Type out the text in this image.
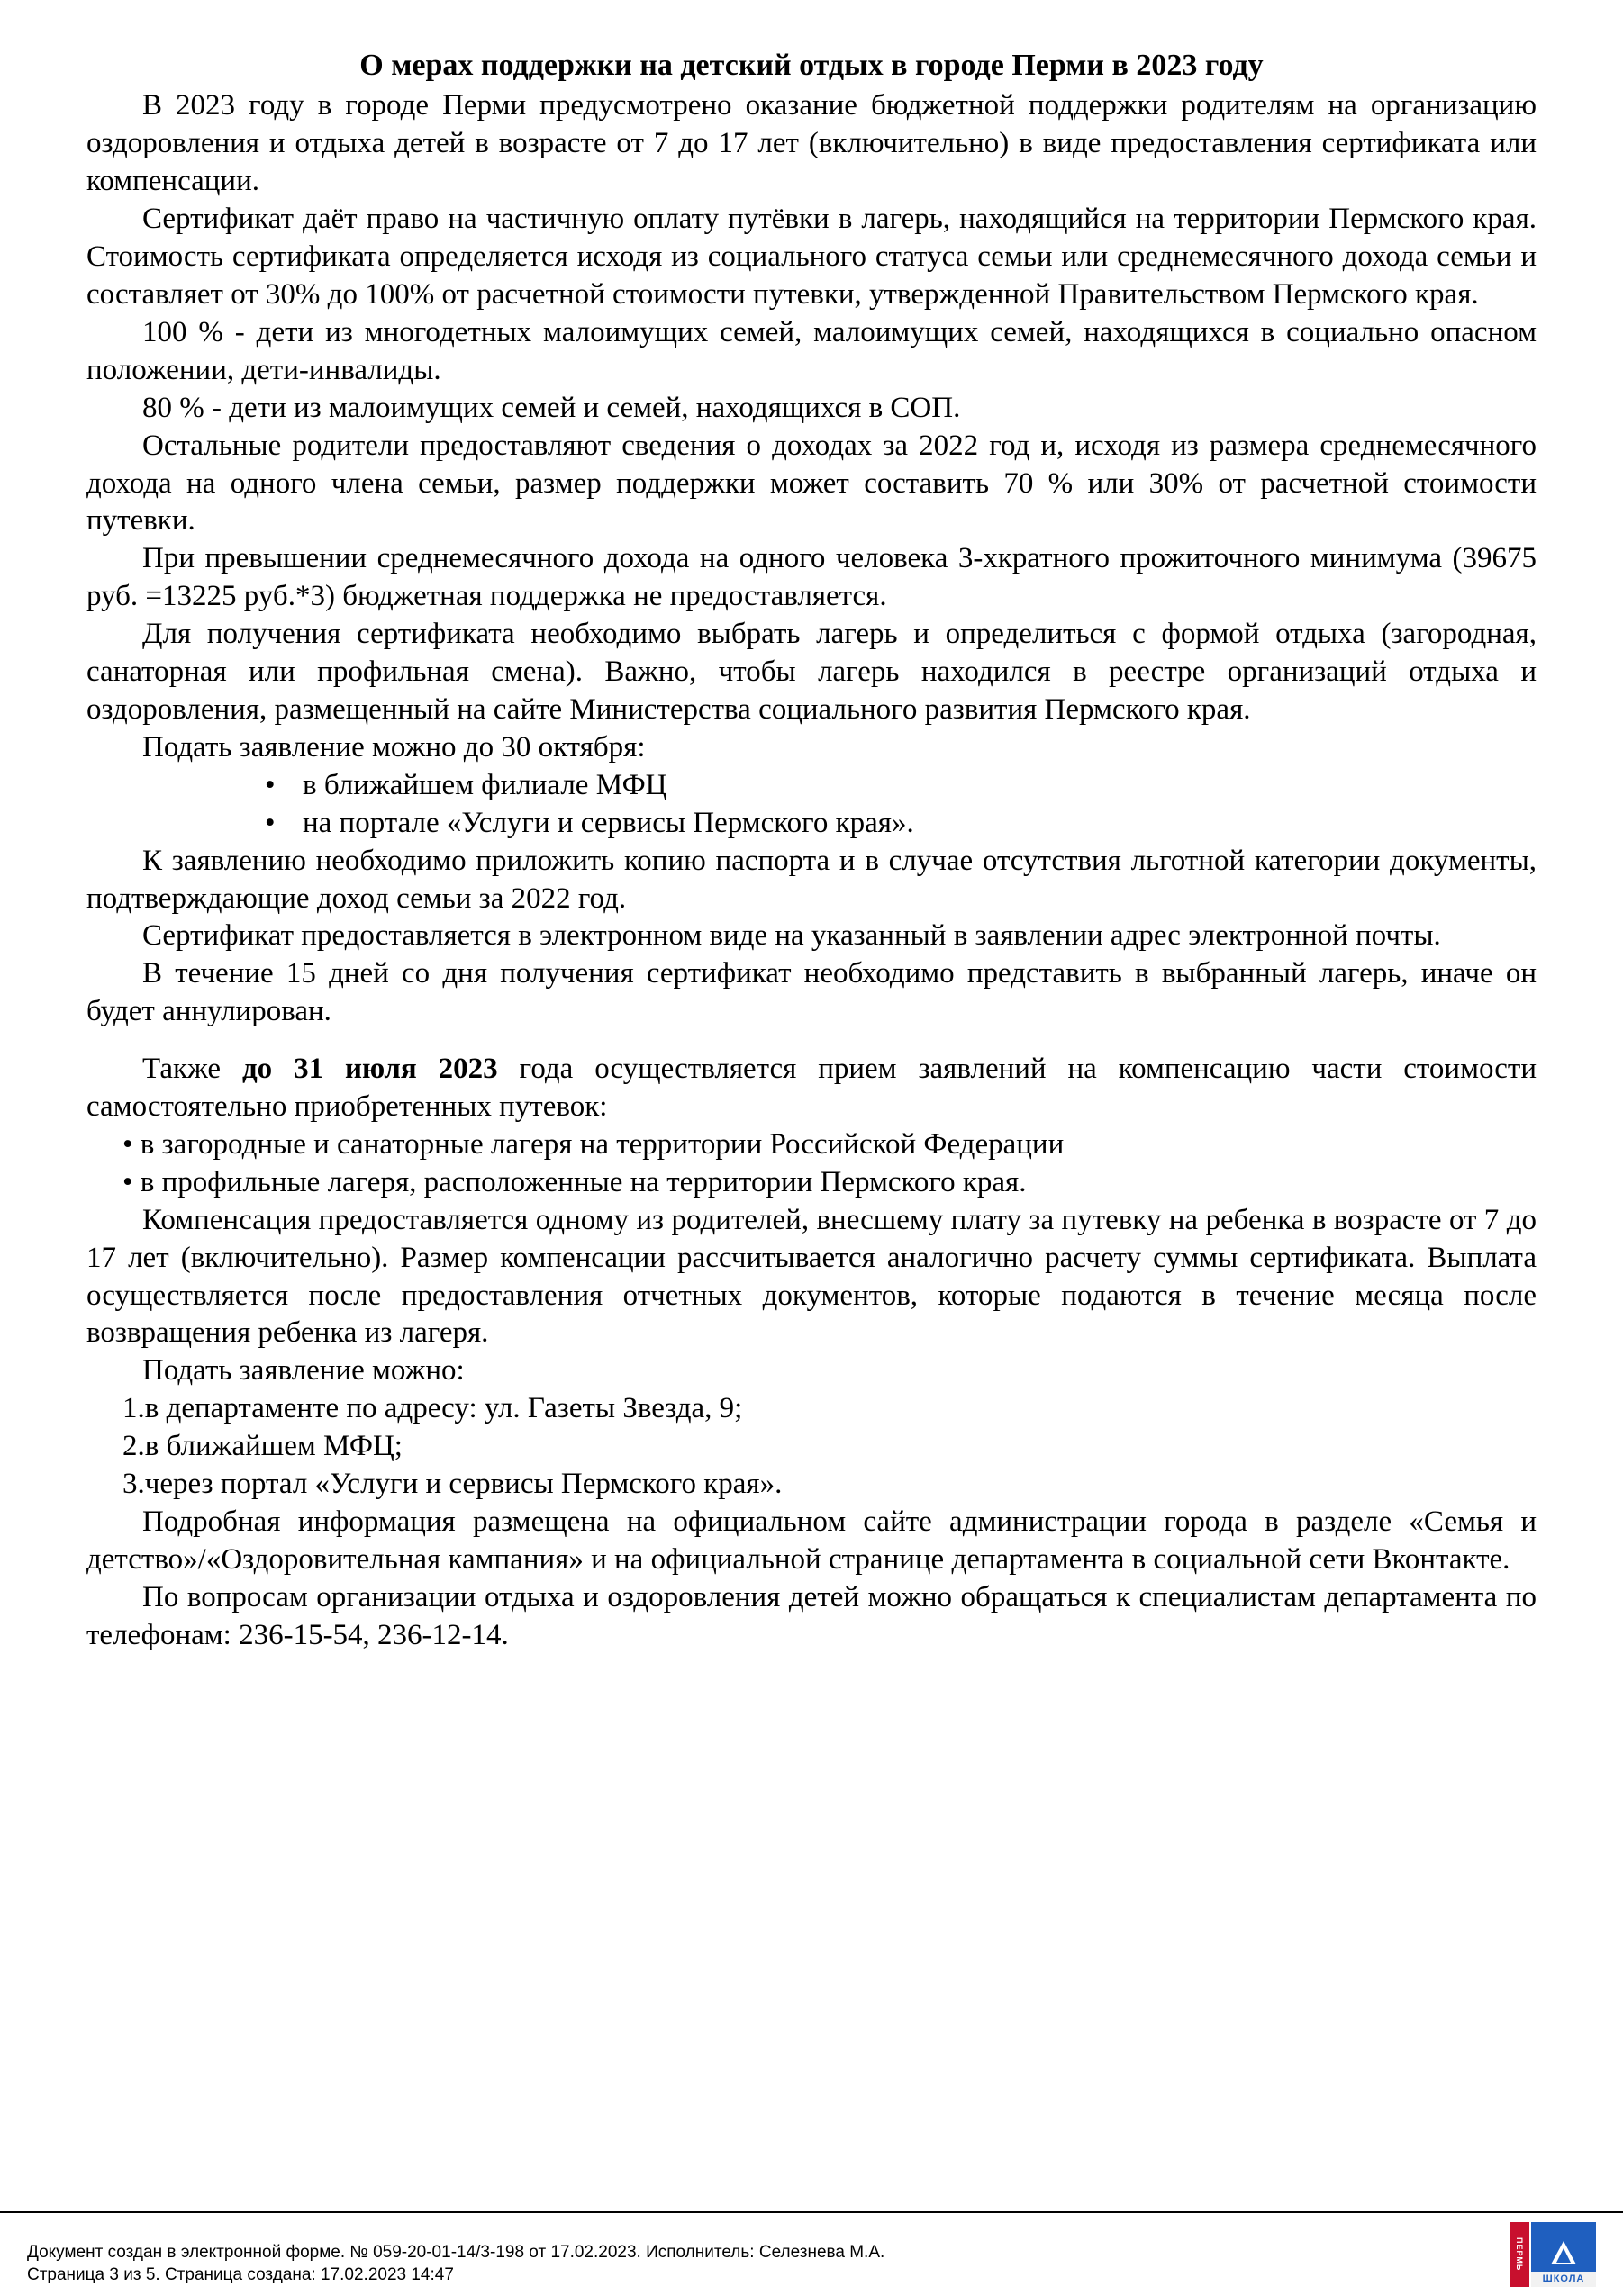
О мерах поддержки на детский отдых в городе Перми в 2023 году

В 2023 году в городе Перми предусмотрено оказание бюджетной поддержки родителям на организацию оздоровления и отдыха детей в возрасте от 7 до 17 лет (включительно) в виде предоставления сертификата или компенсации.

Сертификат даёт право на частичную оплату путёвки в лагерь, находящийся на территории Пермского края. Стоимость сертификата определяется исходя из социального статуса семьи или среднемесячного дохода семьи и составляет от 30% до 100% от расчетной стоимости путевки, утвержденной Правительством Пермского края.

100 % - дети из многодетных малоимущих семей, малоимущих семей, находящихся в социально опасном положении, дети-инвалиды.

80 % - дети из малоимущих семей и семей, находящихся в СОП.

Остальные родители предоставляют сведения о доходах за 2022 год и, исходя из размера среднемесячного дохода на одного члена семьи, размер поддержки может составить 70 % или 30% от расчетной стоимости путевки.

При превышении среднемесячного дохода на одного человека 3-хкратного прожиточного минимума (39675 руб. =13225 руб.*3) бюджетная поддержка не предоставляется.

Для получения сертификата необходимо выбрать лагерь и определиться с формой отдыха (загородная, санаторная или профильная смена). Важно, чтобы лагерь находился в реестре организаций отдыха и оздоровления, размещенный на сайте Министерства социального развития Пермского края.

Подать заявление можно до 30 октября:

• в ближайшем филиале МФЦ
• на портале «Услуги и сервисы Пермского края».

К заявлению необходимо приложить копию паспорта и в случае отсутствия льготной категории документы, подтверждающие доход семьи за 2022 год.

Сертификат предоставляется в электронном виде на указанный в заявлении адрес электронной почты.

В течение 15 дней со дня получения сертификат необходимо представить в выбранный лагерь, иначе он будет аннулирован.

Также до 31 июля 2023 года осуществляется прием заявлений на компенсацию части стоимости самостоятельно приобретенных путевок:

• в загородные и санаторные лагеря на территории Российской Федерации

• в профильные лагеря, расположенные на территории Пермского края.

Компенсация предоставляется одному из родителей, внесшему плату за путевку на ребенка в возрасте от 7 до 17 лет (включительно). Размер компенсации рассчитывается аналогично расчету суммы сертификата. Выплата осуществляется после предоставления отчетных документов, которые подаются в течение месяца после возвращения ребенка из лагеря.

Подать заявление можно:

1.в департаменте по адресу: ул. Газеты Звезда, 9;

2.в ближайшем МФЦ;

3.через портал «Услуги и сервисы Пермского края».

Подробная информация размещена на официальном сайте администрации города в разделе «Семья и детство»/«Оздоровительная кампания» и на официальной странице департамента в социальной сети Вконтакте.

По вопросам организации отдыха и оздоровления детей можно обращаться к специалистам департамента по телефонам: 236-15-54, 236-12-14.

Документ создан в электронной форме. № 059-20-01-14/3-198 от 17.02.2023. Исполнитель: Селезнева М.А.
Страница 3 из 5. Страница создана: 17.02.2023 14:47
ПЕРМЬ
ШКОЛА
